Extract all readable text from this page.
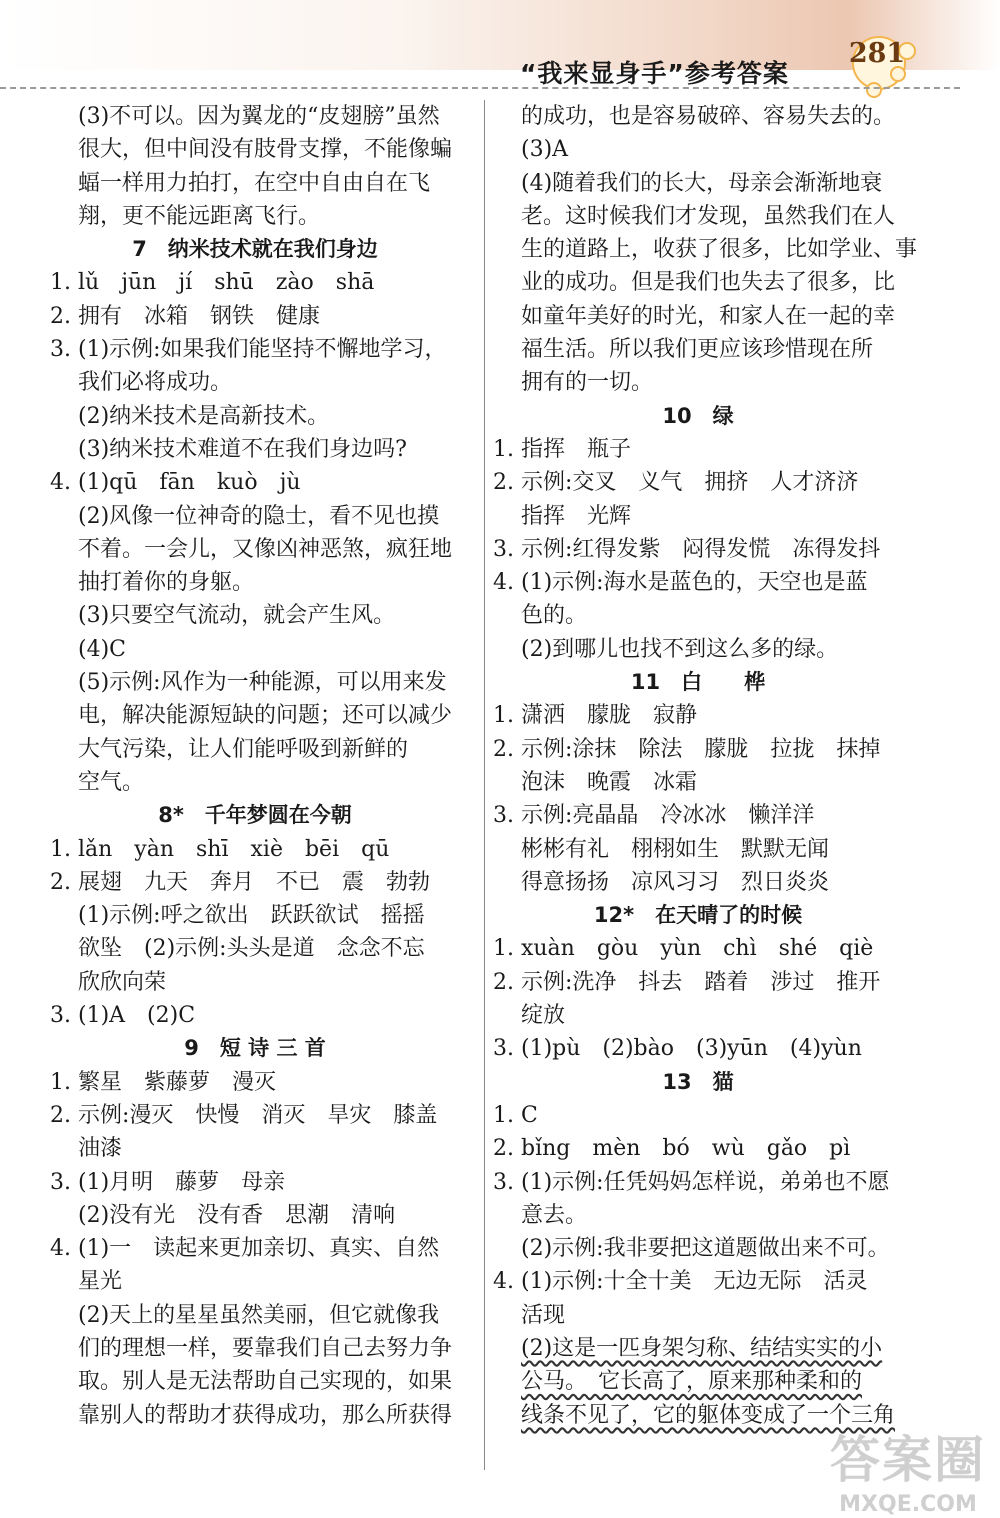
“我来显身手”参考答案
281
(3)不可以。因为翼龙的“皮翅膀”虽然
很大，但中间没有肢骨支撑，不能像蝙
蝠一样用力拍打，在空中自由自在飞
翔，更不能远距离飞行。
7　纳米技术就在我们身边
1. lǔ　jūn　jí　shū　zào　shā
2. 拥有　冰箱　钢铁　健康
3. (1)示例:如果我们能坚持不懈地学习，
我们必将成功。
(2)纳米技术是高新技术。
(3)纳米技术难道不在我们身边吗?
4. (1)qū　fān　kuò　jù
(2)风像一位神奇的隐士，看不见也摸
不着。一会儿，又像凶神恶煞，疯狂地
抽打着你的身躯。
(3)只要空气流动，就会产生风。
(4)C
(5)示例:风作为一种能源，可以用来发
电，解决能源短缺的问题；还可以减少
大气污染，让人们能呼吸到新鲜的
空气。
8*　千年梦圆在今朝
1. lǎn　yàn　shī　xiè　bēi　qū
2. 展翅　九天　奔月　不已　震　勃勃
(1)示例:呼之欲出　跃跃欲试　摇摇
欲坠　(2)示例:头头是道　念念不忘
欣欣向荣
3. (1)A　(2)C
9　短 诗 三 首
1. 繁星　紫藤萝　漫灭
2. 示例:漫灭　快慢　消灭　旱灾　膝盖
油漆
3. (1)月明　藤萝　母亲
(2)没有光　没有香　思潮　清响
4. (1)一　读起来更加亲切、真实、自然
星光
(2)天上的星星虽然美丽，但它就像我
们的理想一样，要靠我们自己去努力争
取。别人是无法帮助自己实现的，如果
靠别人的帮助才获得成功，那么所获得
的成功，也是容易破碎、容易失去的。
(3)A
(4)随着我们的长大，母亲会渐渐地衰
老。这时候我们才发现，虽然我们在人
生的道路上，收获了很多，比如学业、事
业的成功。但是我们也失去了很多，比
如童年美好的时光，和家人在一起的幸
福生活。所以我们更应该珍惜现在所
拥有的一切。
10　绿
1. 指挥　瓶子
2. 示例:交叉　义气　拥挤　人才济济
指挥　光辉
3. 示例:红得发紫　闷得发慌　冻得发抖
4. (1)示例:海水是蓝色的，天空也是蓝
色的。
(2)到哪儿也找不到这么多的绿。
11　白　　桦
1. 潇洒　朦胧　寂静
2. 示例:涂抹　除法　朦胧　拉拢　抹掉
泡沫　晚霞　冰霜
3. 示例:亮晶晶　冷冰冰　懒洋洋
彬彬有礼　栩栩如生　默默无闻
得意扬扬　凉风习习　烈日炎炎
12*　在天晴了的时候
1. xuàn　gòu　yùn　chì　shé　qiè
2. 示例:洗净　抖去　踏着　涉过　推开
绽放
3. (1)pù　(2)bào　(3)yūn　(4)yùn
13　猫
1. C
2. bǐng　mèn　bó　wù　gǎo　pì
3. (1)示例:任凭妈妈怎样说，弟弟也不愿
意去。
(2)示例:我非要把这道题做出来不可。
4. (1)示例:十全十美　无边无际　活灵
活现
(2)这是一匹身架匀称、结结实实的小
公马。　它长高了，原来那种柔和的
线条不见了，它的躯体变成了一个三角
答案圈
MXQE.COM
